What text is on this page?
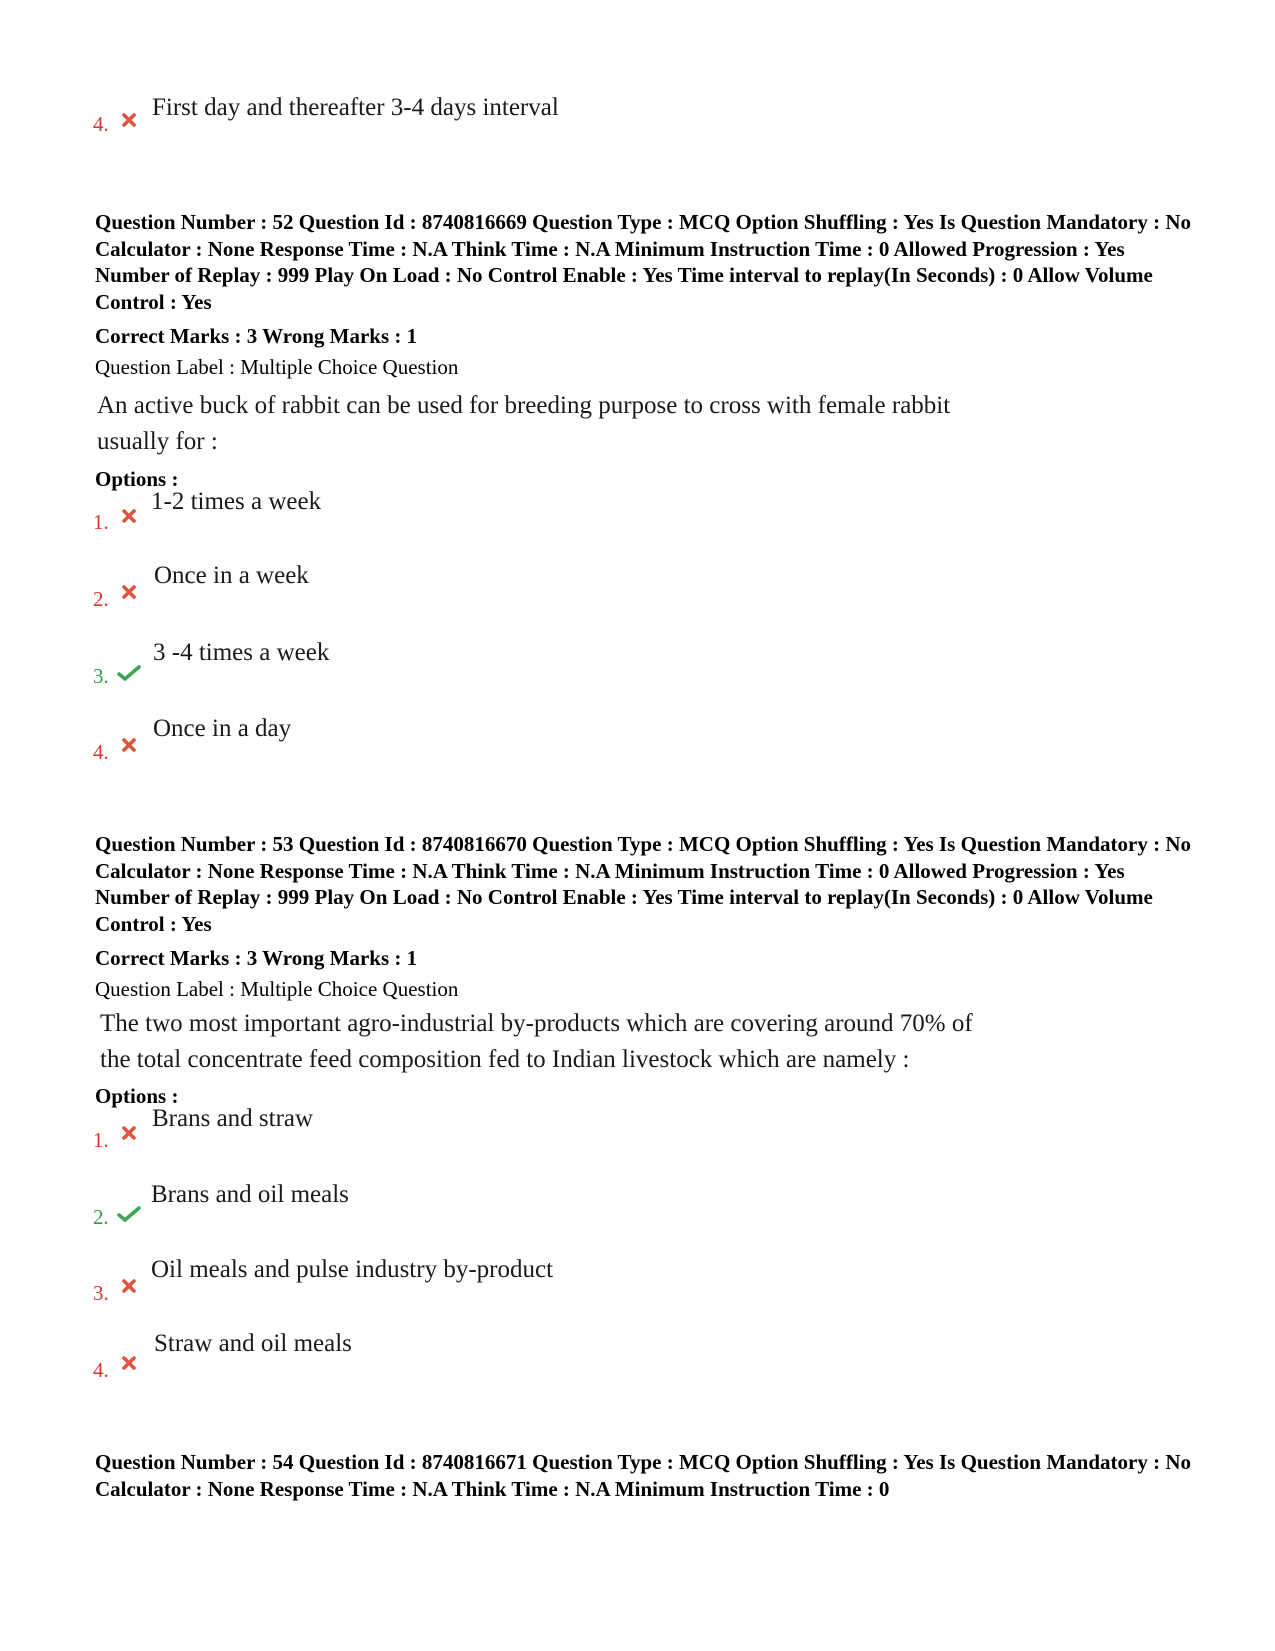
4.
First day and thereafter 3-4 days interval
Question Number : 52 Question Id : 8740816669 Question Type : MCQ Option Shuffling : Yes Is Question Mandatory : No Calculator : None Response Time : N.A Think Time : N.A Minimum Instruction Time : 0 Allowed Progression : Yes Number of Replay : 999 Play On Load : No Control Enable : Yes Time interval to replay(In Seconds) : 0 Allow Volume Control : Yes
Correct Marks : 3 Wrong Marks : 1
Question Label : Multiple Choice Question
An active buck of rabbit can be used for breeding purpose to cross with female rabbit
usually for :
Options :
1.
1-2 times a week
2.
Once in a week
3.
3 -4 times a week
4.
Once in a day
Question Number : 53 Question Id : 8740816670 Question Type : MCQ Option Shuffling : Yes Is Question Mandatory : No Calculator : None Response Time : N.A Think Time : N.A Minimum Instruction Time : 0 Allowed Progression : Yes Number of Replay : 999 Play On Load : No Control Enable : Yes Time interval to replay(In Seconds) : 0 Allow Volume Control : Yes
Correct Marks : 3 Wrong Marks : 1
Question Label : Multiple Choice Question
The two most important agro-industrial by-products which are covering around 70% of
the total concentrate feed composition fed to Indian livestock which are namely :
Options :
1.
Brans and straw
2.
Brans and oil meals
3.
Oil meals and pulse industry by-product
4.
Straw and oil meals
Question Number : 54 Question Id : 8740816671 Question Type : MCQ Option Shuffling : Yes Is Question Mandatory : No Calculator : None Response Time : N.A Think Time : N.A Minimum Instruction Time : 0
